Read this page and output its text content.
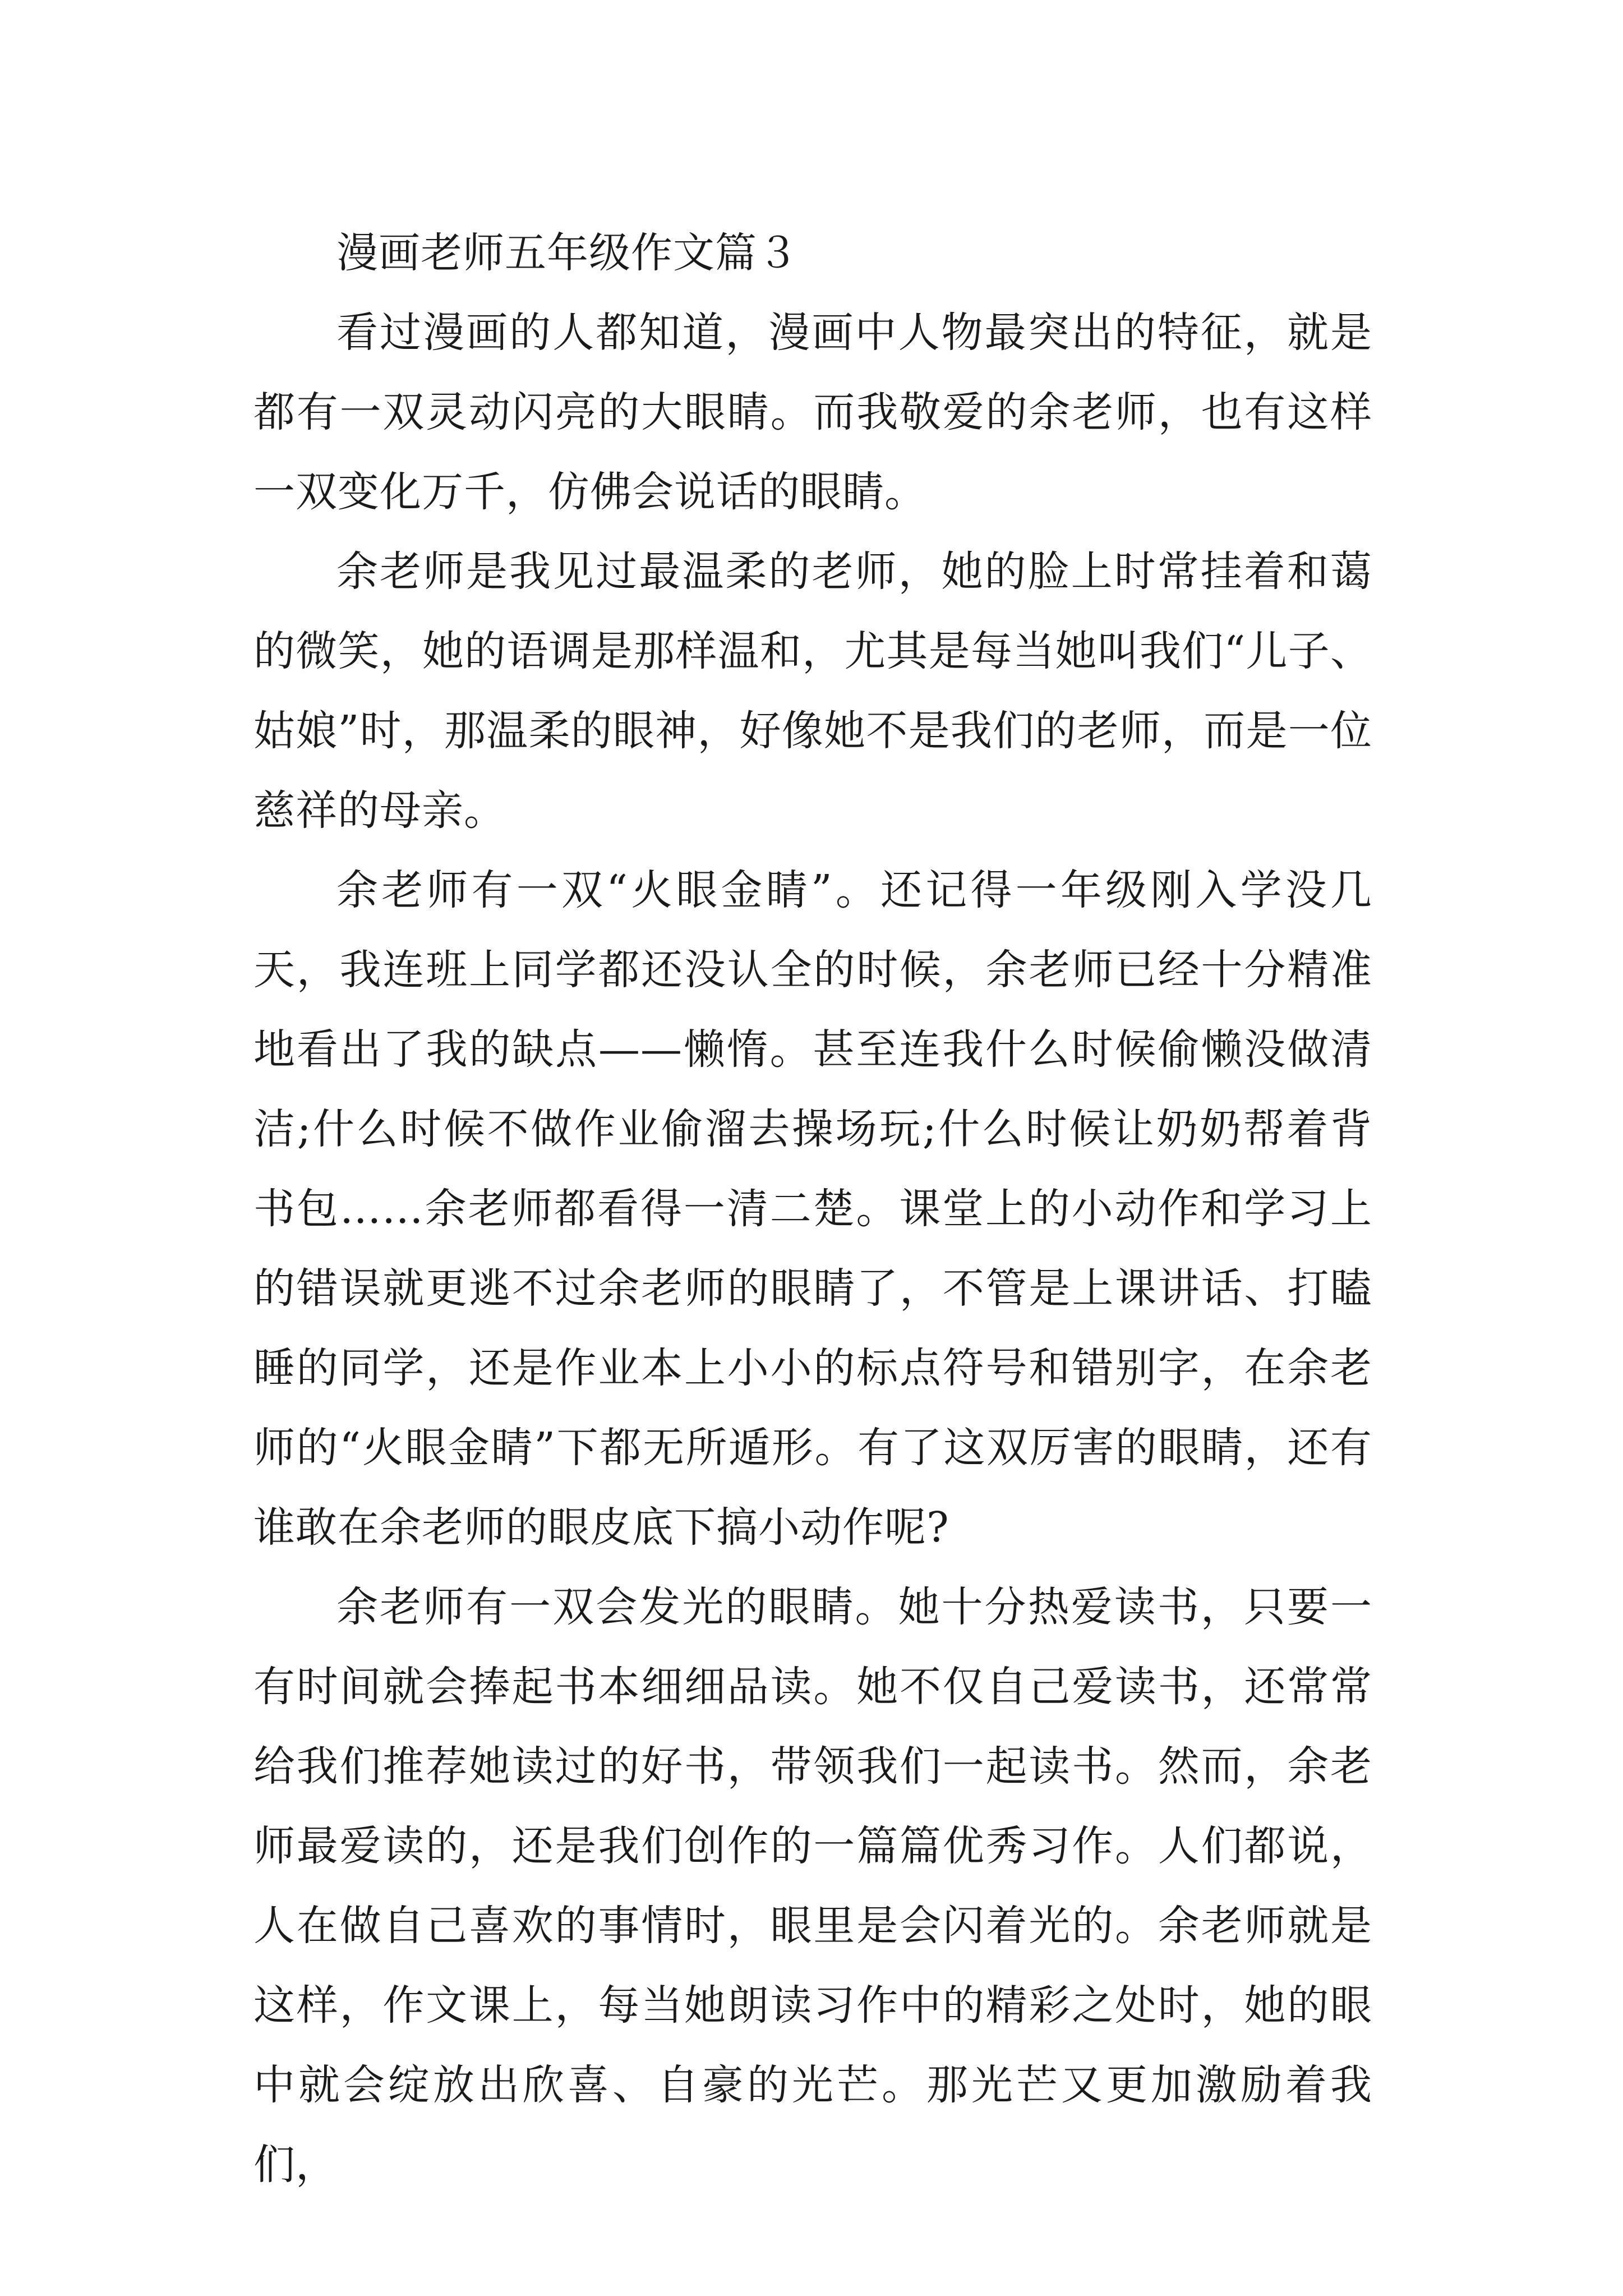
漫画老师五年级作文篇３

看过漫画的人都知道，漫画中人物最突出的特征，就是都有一双灵动闪亮的大眼睛。而我敬爱的余老师，也有这样一双变化万千，仿佛会说话的眼睛。

余老师是我见过最温柔的老师，她的脸上时常挂着和蔼的微笑，她的语调是那样温和，尤其是每当她叫我们“儿子、姑娘”时，那温柔的眼神，好像她不是我们的老师，而是一位慈祥的母亲。

余老师有一双“火眼金睛”。还记得一年级刚入学没几天，我连班上同学都还没认全的时候，余老师已经十分精准地看出了我的缺点——懒惰。甚至连我什么时候偷懒没做清洁;什么时候不做作业偷溜去操场玩;什么时候让奶奶帮着背书包……余老师都看得一清二楚。课堂上的小动作和学习上的错误就更逃不过余老师的眼睛了，不管是上课讲话、打瞌睡的同学，还是作业本上小小的标点符号和错别字，在余老师的“火眼金睛”下都无所遁形。有了这双厉害的眼睛，还有谁敢在余老师的眼皮底下搞小动作呢?

余老师有一双会发光的眼睛。她十分热爱读书，只要一有时间就会捧起书本细细品读。她不仅自己爱读书，还常常给我们推荐她读过的好书，带领我们一起读书。然而，余老师最爱读的，还是我们创作的一篇篇优秀习作。人们都说，人在做自己喜欢的事情时，眼里是会闪着光的。余老师就是这样，作文课上，每当她朗读习作中的精彩之处时，她的眼中就会绽放出欣喜、自豪的光芒。那光芒又更加激励着我们，
